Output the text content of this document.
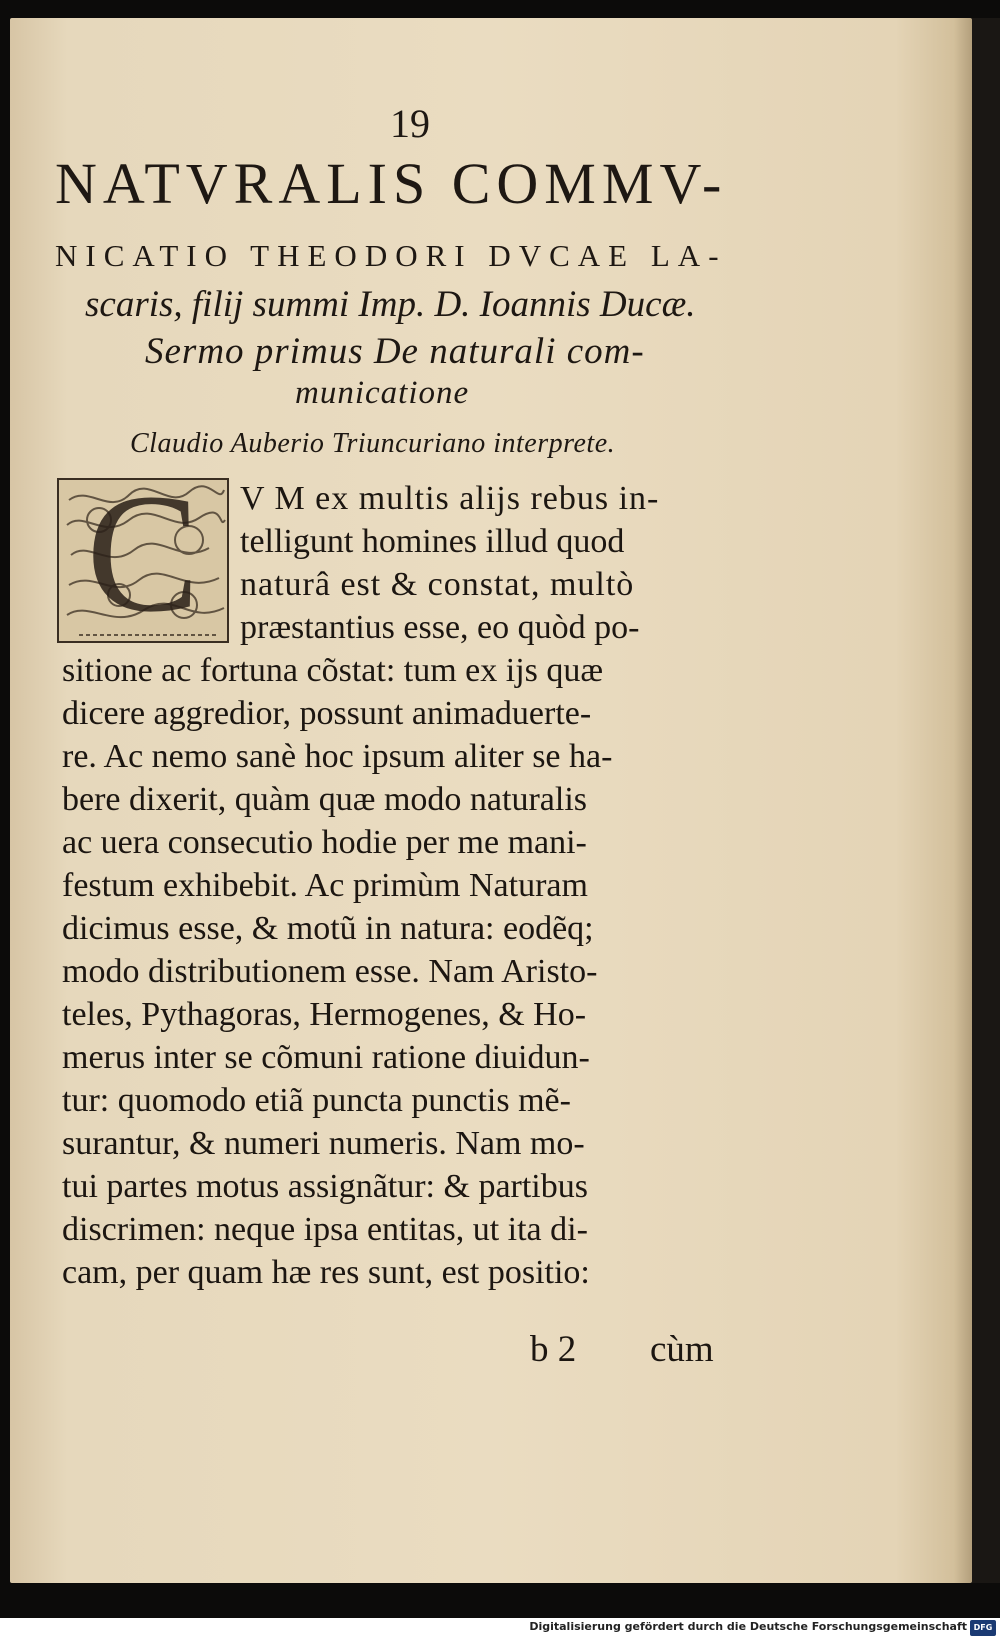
19
NATVRALIS COMMV-
NICATIO THEODORI DVCAE LA-
scaris, filij summi Imp. D. Ioannis Ducæ.
Sermo primus De naturali com-
municatione
Claudio Auberio Triuncuriano interprete.
C	V M ex multis alijs rebus in-
telligunt homines illud quod
naturâ est & constat, multò
præstantius esse, eo quòd po-
sitione ac fortuna cõstat: tum ex ijs quæ
dicere aggredior, possunt animaduerte-
re. Ac nemo sanè hoc ipsum aliter se ha-
bere dixerit, quàm quæ modo naturalis
ac uera consecutio hodie per me mani-
festum exhibebit. Ac primùm Naturam
dicimus esse, & motũ in natura: eodẽq;
modo distributionem esse. Nam Aristo-
teles, Pythagoras, Hermogenes, & Ho-
merus inter se cõmuni ratione diuidun-
tur: quomodo etiã puncta punctis mẽ-
surantur, & numeri numeris. Nam mo-
tui partes motus assignãtur: & partibus
discrimen: neque ipsa entitas, ut ita di-
cam, per quam hæ res sunt, est positio:
b 2 cùm
Digitalisierung gefördert durch die Deutsche Forschungsgemeinschaft DFG
